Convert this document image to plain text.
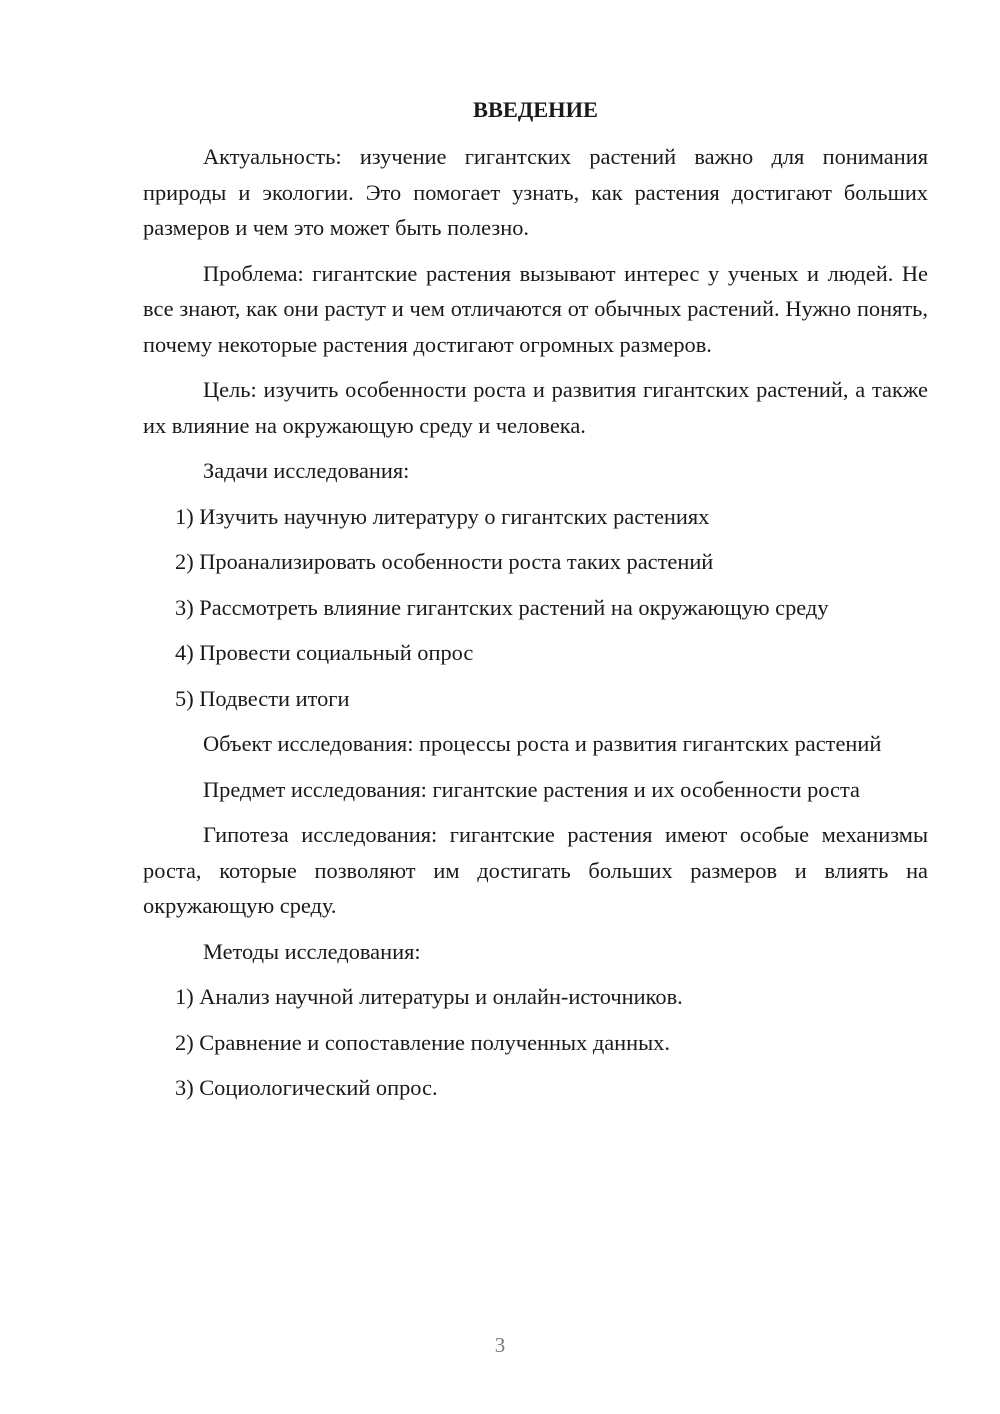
ВВЕДЕНИЕ

Актуальность: изучение гигантских растений важно для понимания природы и экологии. Это помогает узнать, как растения достигают больших размеров и чем это может быть полезно.

Проблема: гигантские растения вызывают интерес у ученых и людей. Не все знают, как они растут и чем отличаются от обычных растений. Нужно понять, почему некоторые растения достигают огромных размеров.

Цель: изучить особенности роста и развития гигантских растений, а также их влияние на окружающую среду и человека.

Задачи исследования:

1) Изучить научную литературу о гигантских растениях

2) Проанализировать особенности роста таких растений

3) Рассмотреть влияние гигантских растений на окружающую среду

4) Провести социальный опрос

5) Подвести итоги

Объект исследования: процессы роста и развития гигантских растений

Предмет исследования: гигантские растения и их особенности роста

Гипотеза исследования: гигантские растения имеют особые механизмы роста, которые позволяют им достигать больших размеров и влиять на окружающую среду.

Методы исследования:

1) Анализ научной литературы и онлайн-источников.

2) Сравнение и сопоставление полученных данных.

3) Социологический опрос.

3
